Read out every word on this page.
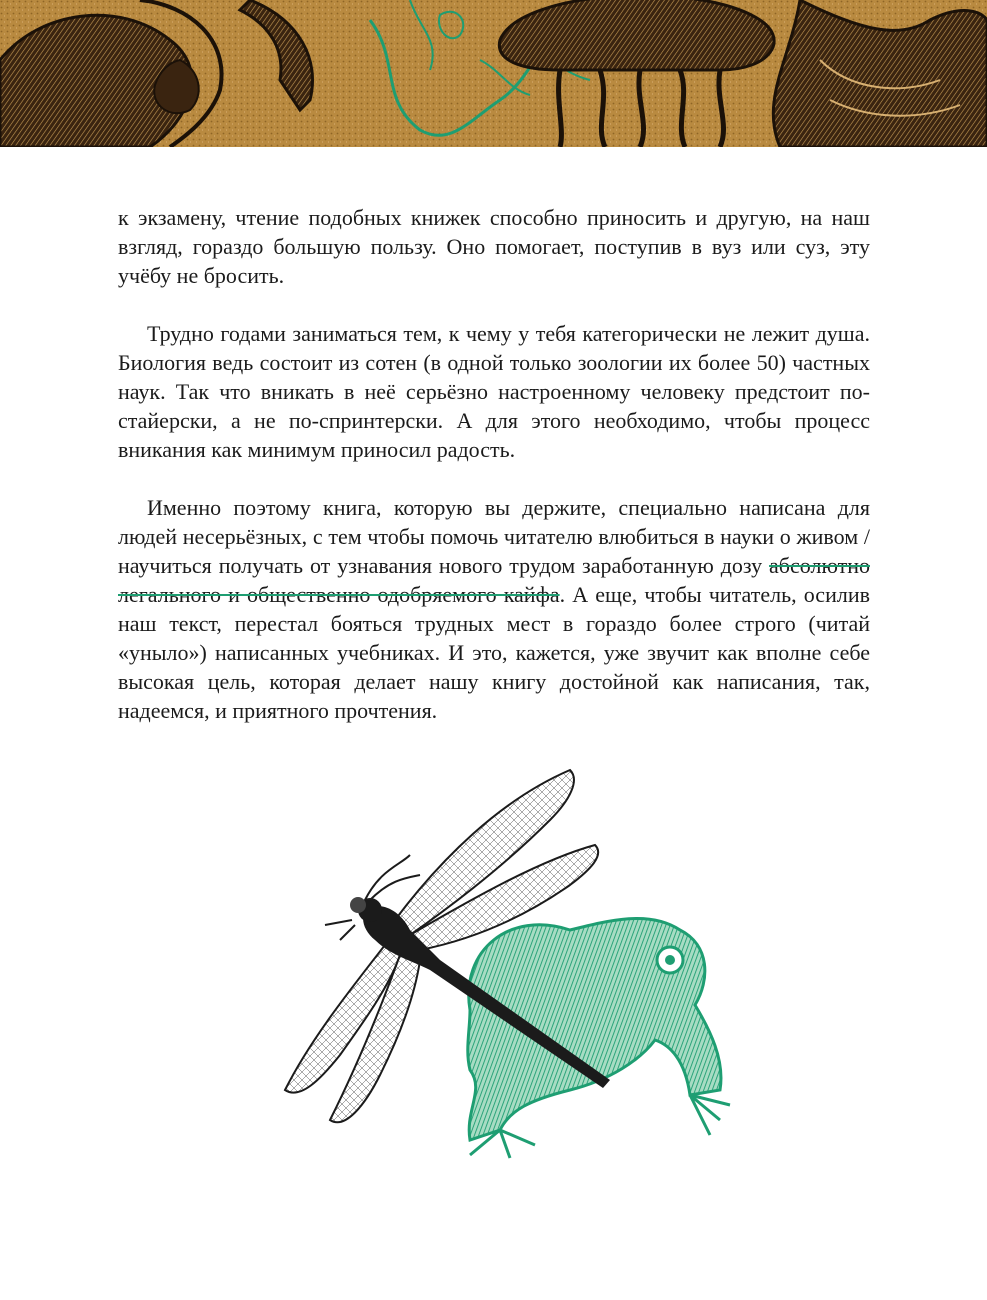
к экзамену, чтение подобных книжек способно приносить и другую, на наш взгляд, гораздо большую пользу. Оно помогает, поступив в вуз или суз, эту учёбу не бросить.

Трудно годами заниматься тем, к чему у тебя категорически не лежит душа. Биология ведь состоит из сотен (в одной только зоологии их более 50) частных наук. Так что вникать в неё серьёзно настроенному человеку предстоит по-стайерски, а не по-спринтерски. А для этого необходимо, чтобы процесс вникания как минимум приносил радость.

Именно поэтому книга, которую вы держите, специально написана для людей несерьёзных, с тем чтобы помочь читателю влюбиться в науки о живом / научиться получать от узнавания нового трудом заработанную дозу абсолютно легального и общественно одобряемого кайфа. А еще, чтобы читатель, осилив наш текст, перестал бояться трудных мест в гораздо более строго (читай «уныло») написанных учебниках. И это, кажется, уже звучит как вполне себе высокая цель, которая делает нашу книгу достойной как написания, так, надеемся, и приятного прочтения.
